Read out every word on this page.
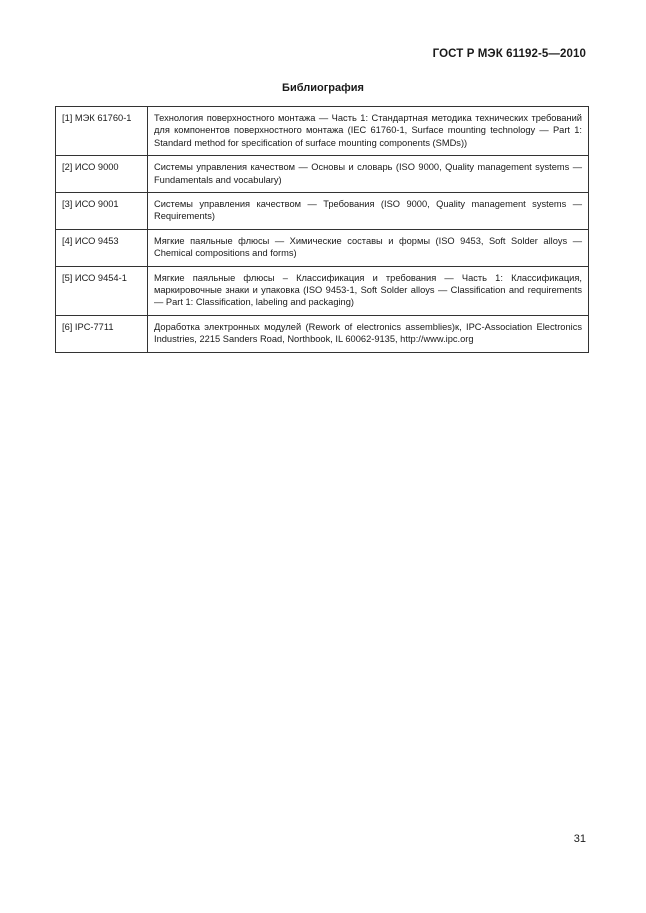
ГОСТ Р МЭК 61192-5—2010
Библиография
[1] МЭК 61760-1	Технология поверхностного монтажа — Часть 1: Стандартная методика технических требований для компонентов поверхностного монтажа (IEC 61760-1, Surface mounting technology — Part 1: Standard method for specification of surface mounting components (SMDs))
[2] ИСО 9000	Системы управления качеством — Основы и словарь (ISO 9000, Quality management systems — Fundamentals and vocabulary)
[3] ИСО 9001	Системы управления качеством — Требования (ISO 9000, Quality management systems — Requirements)
[4] ИСО 9453	Мягкие паяльные флюсы — Химические составы и формы (ISO 9453, Soft Solder alloys — Chemical compositions and forms)
[5] ИСО 9454-1	Мягкие паяльные флюсы – Классификация и требования — Часть 1: Классификация, маркировочные знаки и упаковка (ISO 9453-1, Soft Solder alloys — Classification and requirements — Part 1: Classification, labeling and packaging)
[6] IPC-7711	Доработка электронных модулей (Rework of electronics assemblies)к, IPC-Association Electronics Industries, 2215 Sanders Road, Northbook, IL 60062-9135, http://www.ipc.org
31
